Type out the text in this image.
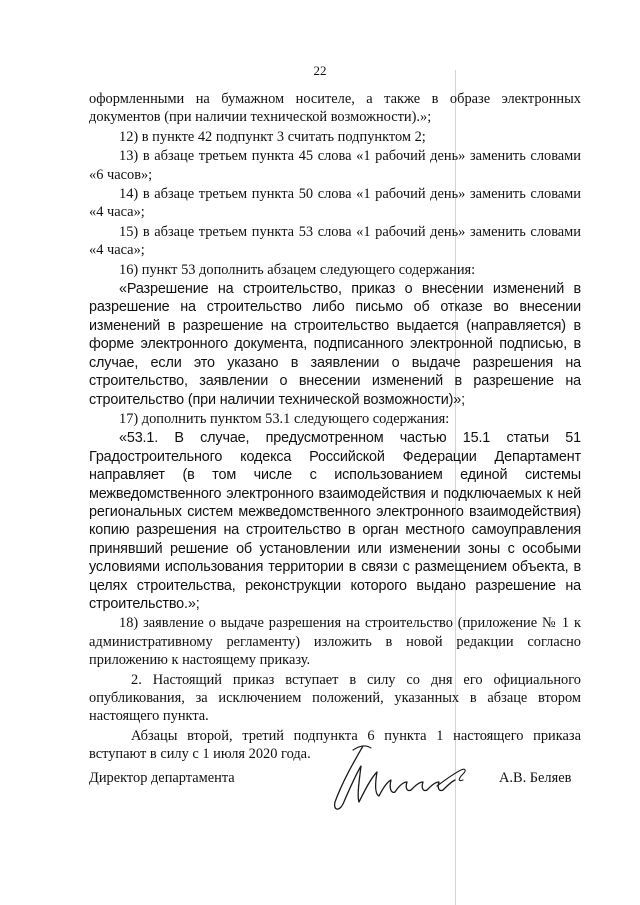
22

оформленными на бумажном носителе, а также в образе электронных документов (при наличии технической возможности).»;

12) в пункте 42 подпункт 3 считать подпунктом 2;

13) в абзаце третьем пункта 45 слова «1 рабочий день» заменить словами «6 часов»;

14) в абзаце третьем пункта 50 слова «1 рабочий день» заменить словами «4 часа»;

15) в абзаце третьем пункта 53 слова «1 рабочий день» заменить словами «4 часа»;

16) пункт 53 дополнить абзацем следующего содержания:

«Разрешение на строительство, приказ о внесении изменений в разрешение на строительство либо письмо об отказе во внесении изменений в разрешение на строительство выдается (направляется) в форме электронного документа, подписанного электронной подписью, в случае, если это указано в заявлении о выдаче разрешения на строительство, заявлении о внесении изменений в разрешение на строительство (при наличии технической возможности)»;

17) дополнить пунктом 53.1 следующего содержания:

«53.1. В случае, предусмотренном частью 15.1 статьи 51 Градостроительного кодекса Российской Федерации Департамент направляет (в том числе с использованием единой системы межведомственного электронного взаимодействия и подключаемых к ней региональных систем межведомственного электронного взаимодействия) копию разрешения на строительство в орган местного самоуправления принявший решение об установлении или изменении зоны с особыми условиями использования территории в связи с размещением объекта, в целях строительства, реконструкции которого выдано разрешение на строительство.»;

18) заявление о выдаче разрешения на строительство (приложение № 1 к административному регламенту) изложить в новой редакции согласно приложению к настоящему приказу.

2. Настоящий приказ вступает в силу со дня его официального опубликования, за исключением положений, указанных в абзаце втором настоящего пункта.

Абзацы второй, третий подпункта 6 пункта 1 настоящего приказа вступают в силу с 1 июля 2020 года.

Директор департамента	А.В. Беляев
